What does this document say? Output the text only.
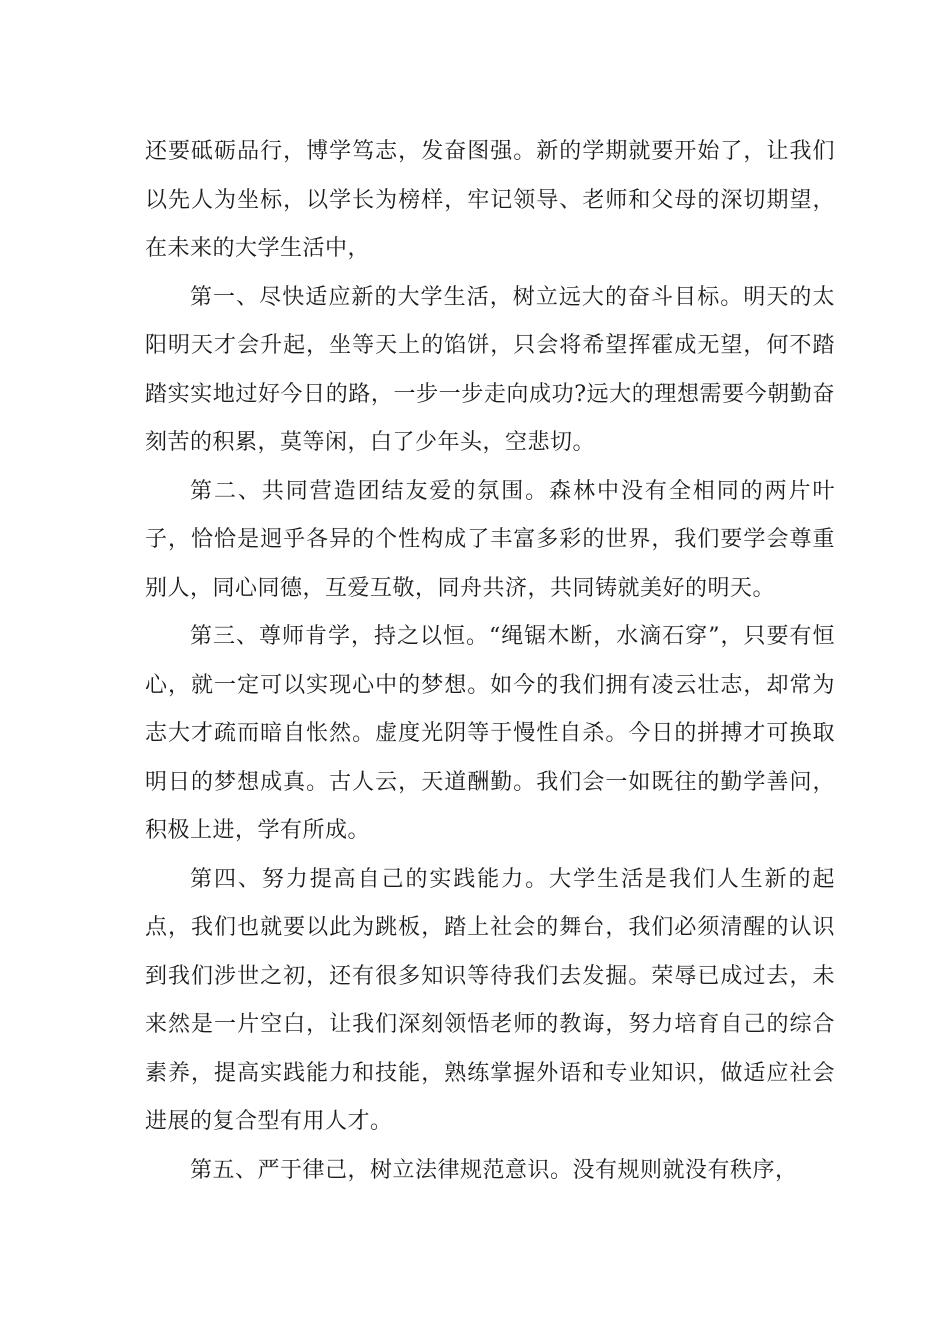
还要砥砺品行，博学笃志，发奋图强。新的学期就要开始了，让我们以先人为坐标，以学长为榜样，牢记领导、老师和父母的深切期望，在未来的大学生活中，

第一、尽快适应新的大学生活，树立远大的奋斗目标。明天的太阳明天才会升起，坐等天上的馅饼，只会将希望挥霍成无望，何不踏踏实实地过好今日的路，一步一步走向成功?远大的理想需要今朝勤奋刻苦的积累，莫等闲，白了少年头，空悲切。

第二、共同营造团结友爱的氛围。森林中没有全相同的两片叶子，恰恰是迥乎各异的个性构成了丰富多彩的世界，我们要学会尊重别人，同心同德，互爱互敬，同舟共济，共同铸就美好的明天。

第三、尊师肯学，持之以恒。“绳锯木断，水滴石穿”，只要有恒心，就一定可以实现心中的梦想。如今的我们拥有凌云壮志，却常为志大才疏而暗自怅然。虚度光阴等于慢性自杀。今日的拼搏才可换取明日的梦想成真。古人云，天道酬勤。我们会一如既往的勤学善问，积极上进，学有所成。

第四、努力提高自己的实践能力。大学生活是我们人生新的起点，我们也就要以此为跳板，踏上社会的舞台，我们必须清醒的认识到我们涉世之初，还有很多知识等待我们去发掘。荣辱已成过去，未来然是一片空白，让我们深刻领悟老师的教诲，努力培育自己的综合素养，提高实践能力和技能，熟练掌握外语和专业知识，做适应社会进展的复合型有用人才。

第五、严于律己，树立法律规范意识。没有规则就没有秩序，
